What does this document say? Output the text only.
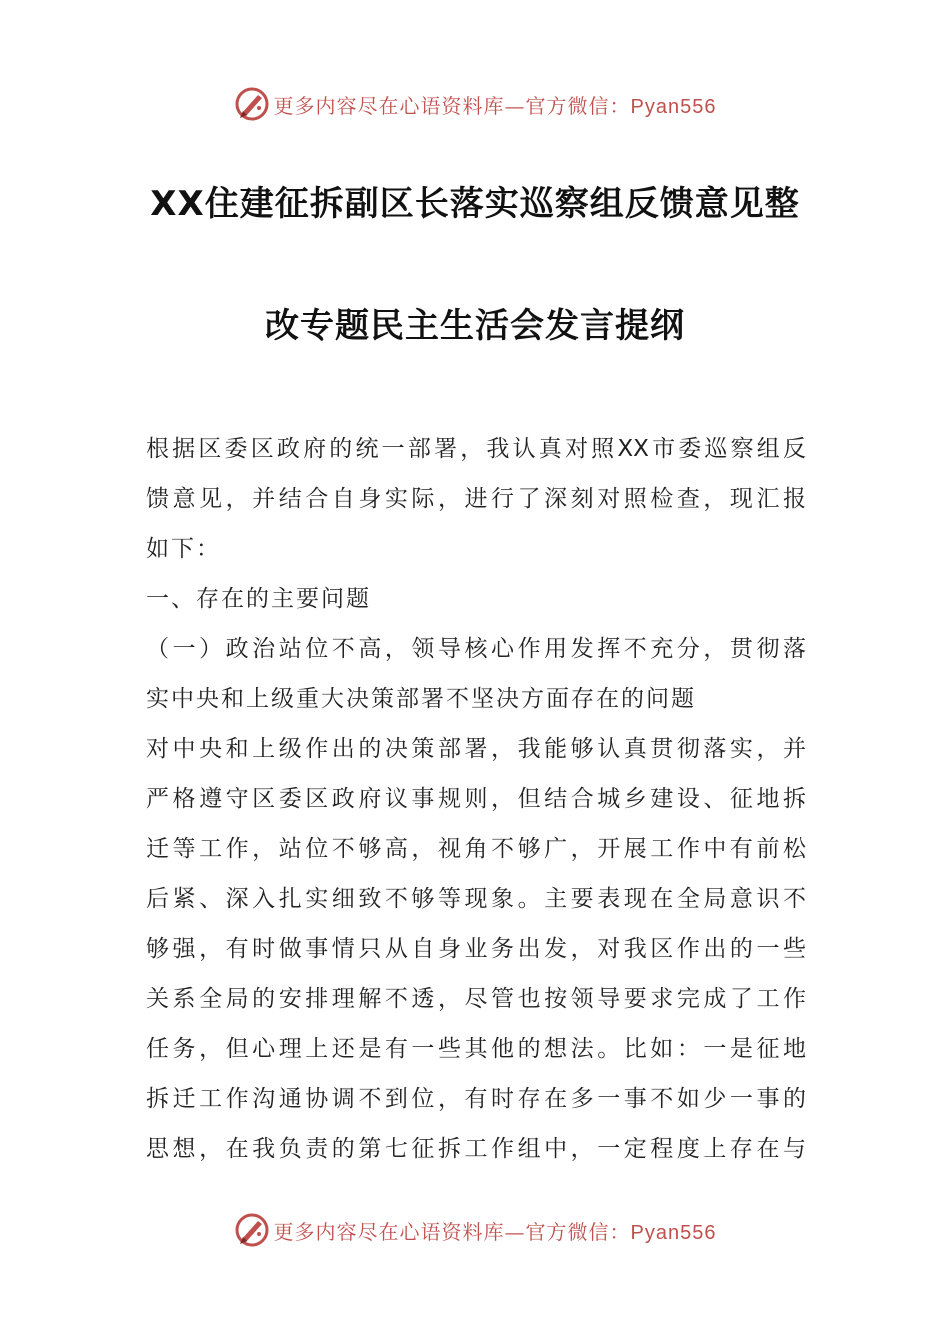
更多内容尽在心语资料库—官方微信：Pyan556
XX住建征拆副区长落实巡察组反馈意见整
改专题民主生活会发言提纲
根据区委区政府的统一部署，我认真对照XX市委巡察组反
馈意见，并结合自身实际，进行了深刻对照检查，现汇报
如下：
一、存在的主要问题
（一）政治站位不高，领导核心作用发挥不充分，贯彻落
实中央和上级重大决策部署不坚决方面存在的问题
对中央和上级作出的决策部署，我能够认真贯彻落实，并
严格遵守区委区政府议事规则，但结合城乡建设、征地拆
迁等工作，站位不够高，视角不够广，开展工作中有前松
后紧、深入扎实细致不够等现象。主要表现在全局意识不
够强，有时做事情只从自身业务出发，对我区作出的一些
关系全局的安排理解不透，尽管也按领导要求完成了工作
任务，但心理上还是有一些其他的想法。比如：一是征地
拆迁工作沟通协调不到位，有时存在多一事不如少一事的
思想，在我负责的第七征拆工作组中，一定程度上存在与
更多内容尽在心语资料库—官方微信：Pyan556
